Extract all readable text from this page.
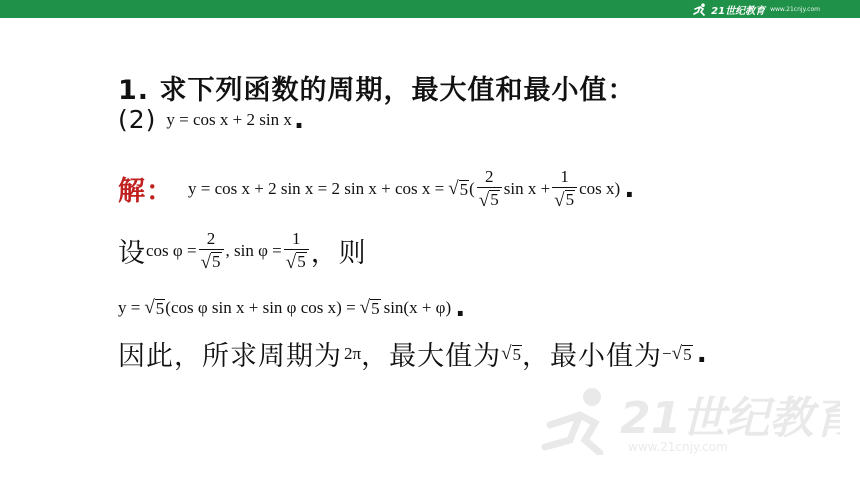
21世纪教育 www.21cnjy.com
1. 求下列函数的周期，最大值和最小值：
(2) y = cos x + 2 sin x .
解： y = cos x + 2 sin x = 2 sin x + cos x = √ 5 ( $\frac{2}{√ 5}$ $\sin x + \frac{1}{√ 5}$ cos x) .
设 $\cos \varphi = \frac{2}{√ 5}$ , $\sin \varphi = \frac{1}{√ 5}$ ，则
y = √ 5 (cos φ sin x + sin φ cos x) = √ 5 sin(x + φ) .
因此，所求周期为 2π ，最大值为 √ 5 ，最小值为 − √ 5 .
21世纪教育
www.21cnjy.com
